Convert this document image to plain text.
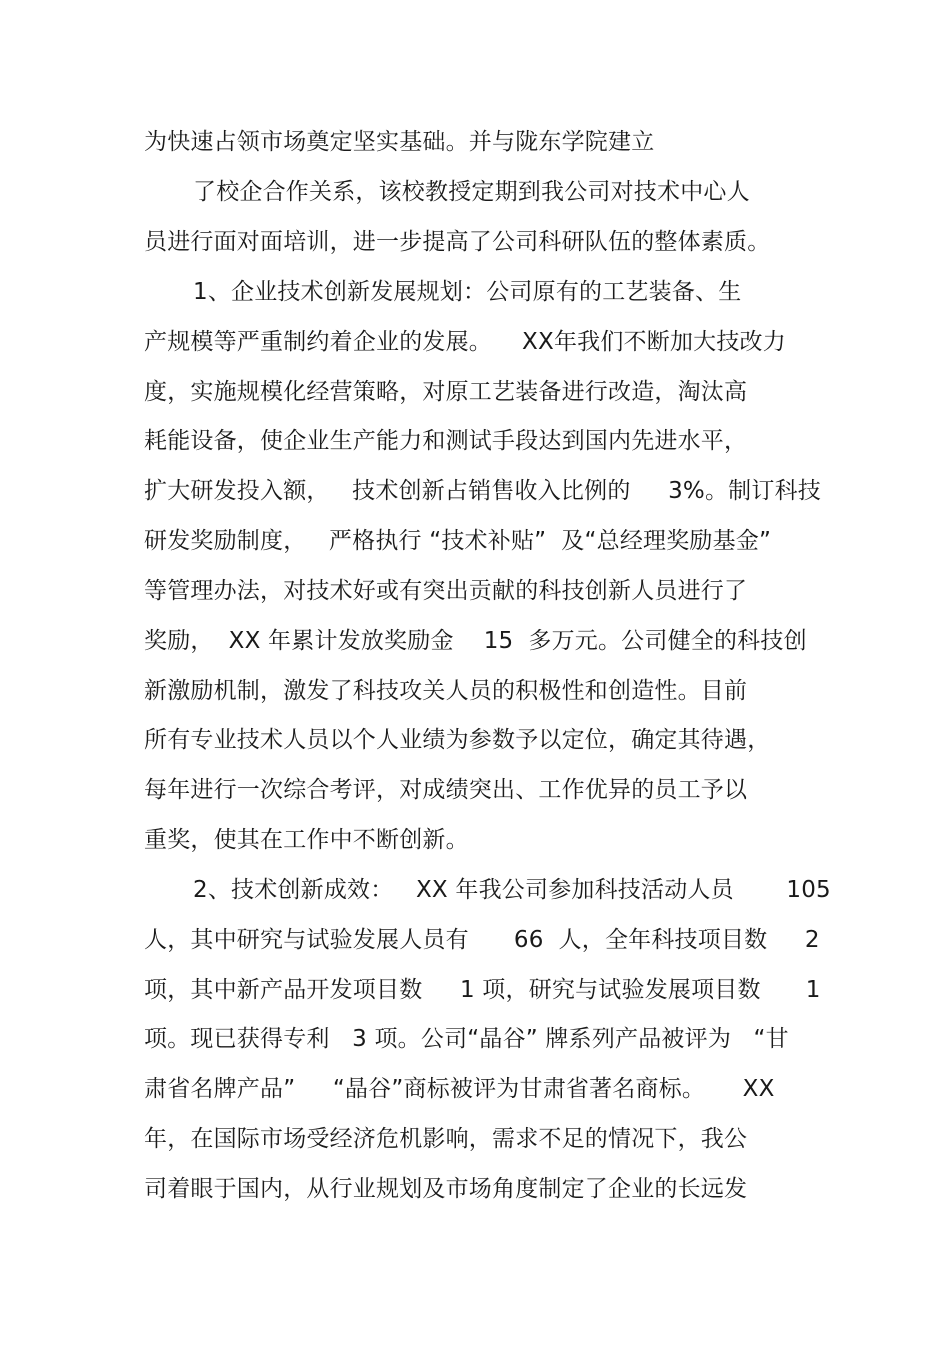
为快速占领市场奠定坚实基础。并与陇东学院建立
了校企合作关系，该校教授定期到我公司对技术中心人
员进行面对面培训，进一步提高了公司科研队伍的整体素质。
1、企业技术创新发展规划：公司原有的工艺装备、生
产规模等严重制约着企业的发展。    XX年我们不断加大技改力
度，实施规模化经营策略，对原工艺装备进行改造，淘汰高
耗能设备，使企业生产能力和测试手段达到国内先进水平，
扩大研发投入额，   技术创新占销售收入比例的     3%。制订科技
研发奖励制度，   严格执行 “技术补贴”  及“总经理奖励基金”
等管理办法，对技术好或有突出贡献的科技创新人员进行了
奖励，  XX 年累计发放奖励金    15  多万元。公司健全的科技创
新激励机制，激发了科技攻关人员的积极性和创造性。目前
所有专业技术人员以个人业绩为参数予以定位，确定其待遇，
每年进行一次综合考评，对成绩突出、工作优异的员工予以
重奖，使其在工作中不断创新。
2、技术创新成效：   XX 年我公司参加科技活动人员       105
人，其中研究与试验发展人员有      66  人，全年科技项目数     2
项，其中新产品开发项目数     1 项，研究与试验发展项目数      1
项。现已获得专利   3 项。公司“晶谷” 牌系列产品被评为   “甘
肃省名牌产品”     “晶谷”商标被评为甘肃省著名商标。     XX
年，在国际市场受经济危机影响，需求不足的情况下，我公
司着眼于国内，从行业规划及市场角度制定了企业的长远发
